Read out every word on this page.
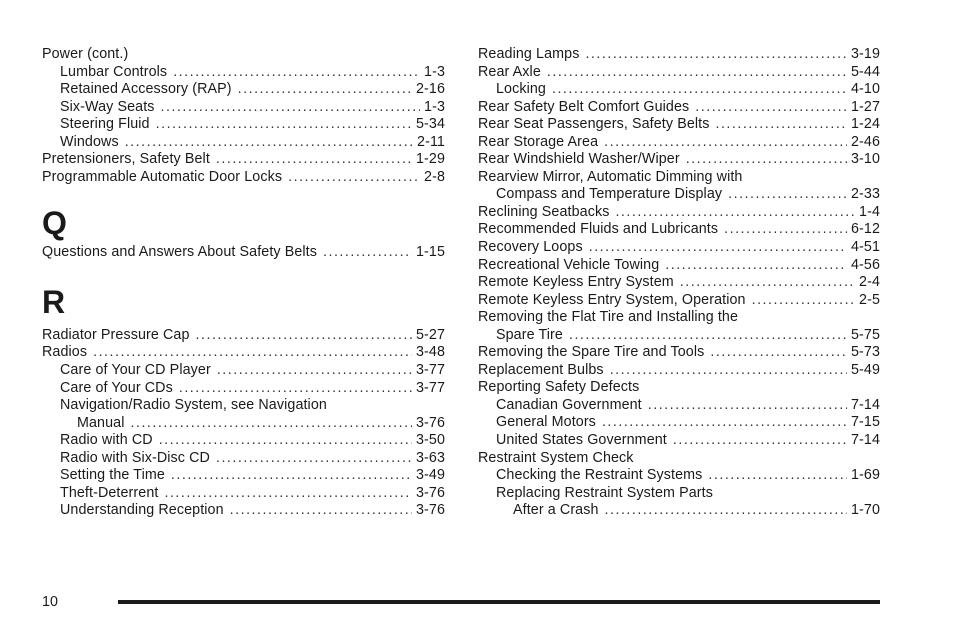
Power (cont.)
Lumbar Controls .....	1-3
Retained Accessory (RAP) .....	2-16
Six-Way Seats .....	1-3
Steering Fluid .....	5-34
Windows .....	2-11
Pretensioners, Safety Belt .....	1-29
Programmable Automatic Door Locks .....	2-8
Q
Questions and Answers About Safety Belts .....	1-15
R
Radiator Pressure Cap .....	5-27
Radios .....	3-48
Care of Your CD Player .....	3-77
Care of Your CDs .....	3-77
Navigation/Radio System, see Navigation
Manual .....	3-76
Radio with CD .....	3-50
Radio with Six-Disc CD .....	3-63
Setting the Time .....	3-49
Theft-Deterrent .....	3-76
Understanding Reception .....	3-76
Reading Lamps .....	3-19
Rear Axle .....	5-44
Locking .....	4-10
Rear Safety Belt Comfort Guides .....	1-27
Rear Seat Passengers, Safety Belts .....	1-24
Rear Storage Area .....	2-46
Rear Windshield Washer/Wiper .....	3-10
Rearview Mirror, Automatic Dimming with
Compass and Temperature Display .....	2-33
Reclining Seatbacks .....	1-4
Recommended Fluids and Lubricants .....	6-12
Recovery Loops .....	4-51
Recreational Vehicle Towing .....	4-56
Remote Keyless Entry System .....	2-4
Remote Keyless Entry System, Operation .....	2-5
Removing the Flat Tire and Installing the
Spare Tire .....	5-75
Removing the Spare Tire and Tools .....	5-73
Replacement Bulbs .....	5-49
Reporting Safety Defects
Canadian Government .....	7-14
General Motors .....	7-15
United States Government .....	7-14
Restraint System Check
Checking the Restraint Systems .....	1-69
Replacing Restraint System Parts
After a Crash .....	1-70
10
